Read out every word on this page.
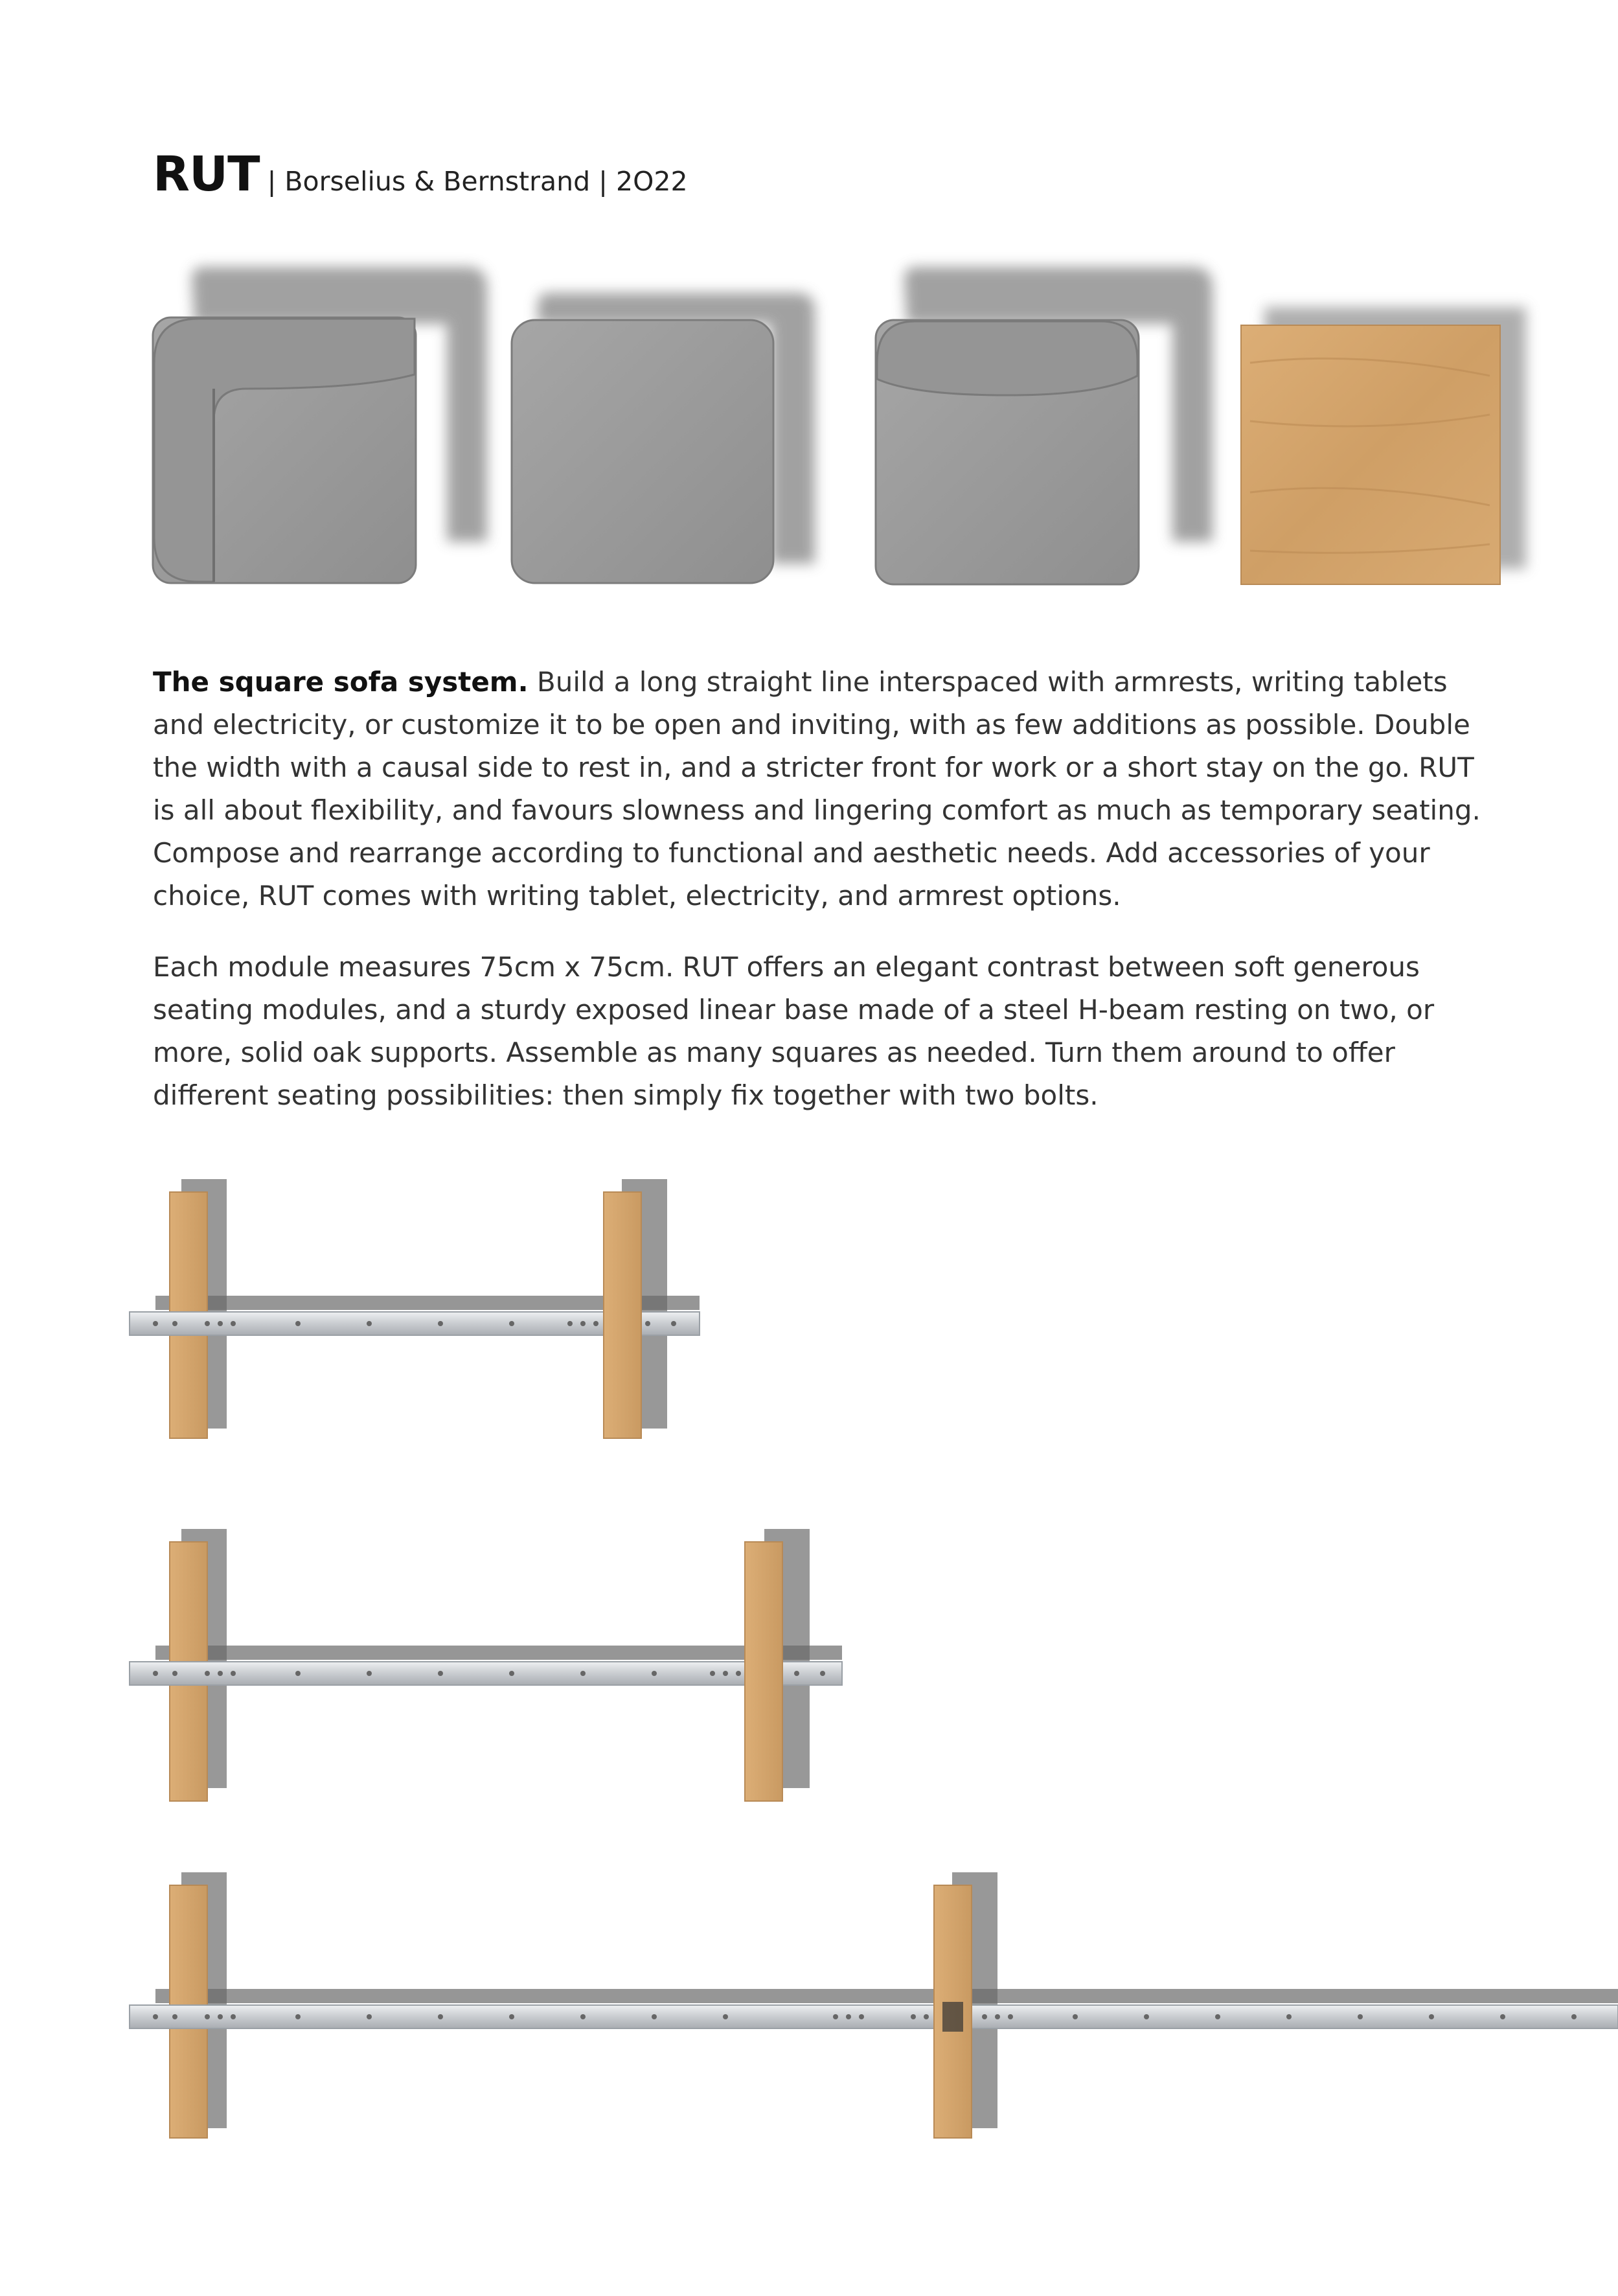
RUT | Borselius & Bernstrand | 2O22

The square sofa system. Build a long straight line interspaced with armrests, writing tablets and electricity, or customize it to be open and inviting, with as few additions as possible. Double the width with a causal side to rest in, and a stricter front for work or a short stay on the go. RUT is all about flexibility, and favours slowness and lingering comfort as much as temporary seating. Compose and rearrange according to functional and aesthetic needs. Add accessories of your choice, RUT comes with writing tablet, electricity, and armrest options.

Each module measures 75cm x 75cm. RUT offers an elegant contrast between soft generous seating modules, and a sturdy exposed linear base made of a steel H-beam resting on two, or more, solid oak supports. Assemble as many squares as needed. Turn them around to offer different seating possibilities: then simply fix together with two bolts.
